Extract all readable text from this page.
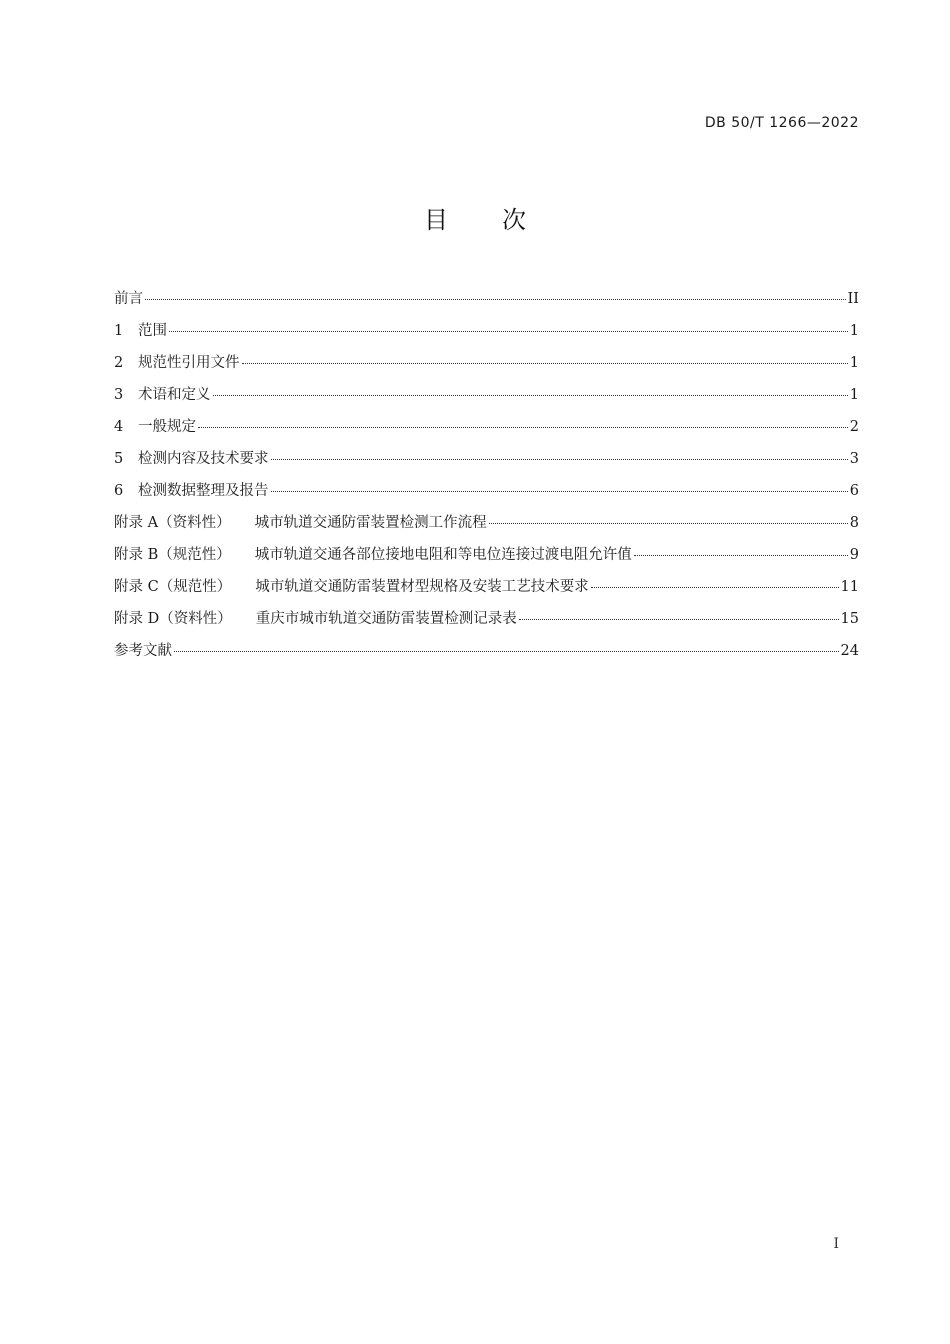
DB 50/T 1266—2022
目 次
前言	II
1	范围	1
2	规范性引用文件	1
3	术语和定义	1
4	一般规定	2
5	检测内容及技术要求	3
6	检测数据整理及报告	6
附录 A（资料性） 城市轨道交通防雷装置检测工作流程	8
附录 B（规范性） 城市轨道交通各部位接地电阻和等电位连接过渡电阻允许值	9
附录 C（规范性） 城市轨道交通防雷装置材型规格及安装工艺技术要求	11
附录 D（资料性） 重庆市城市轨道交通防雷装置检测记录表	15
参考文献	24
I
